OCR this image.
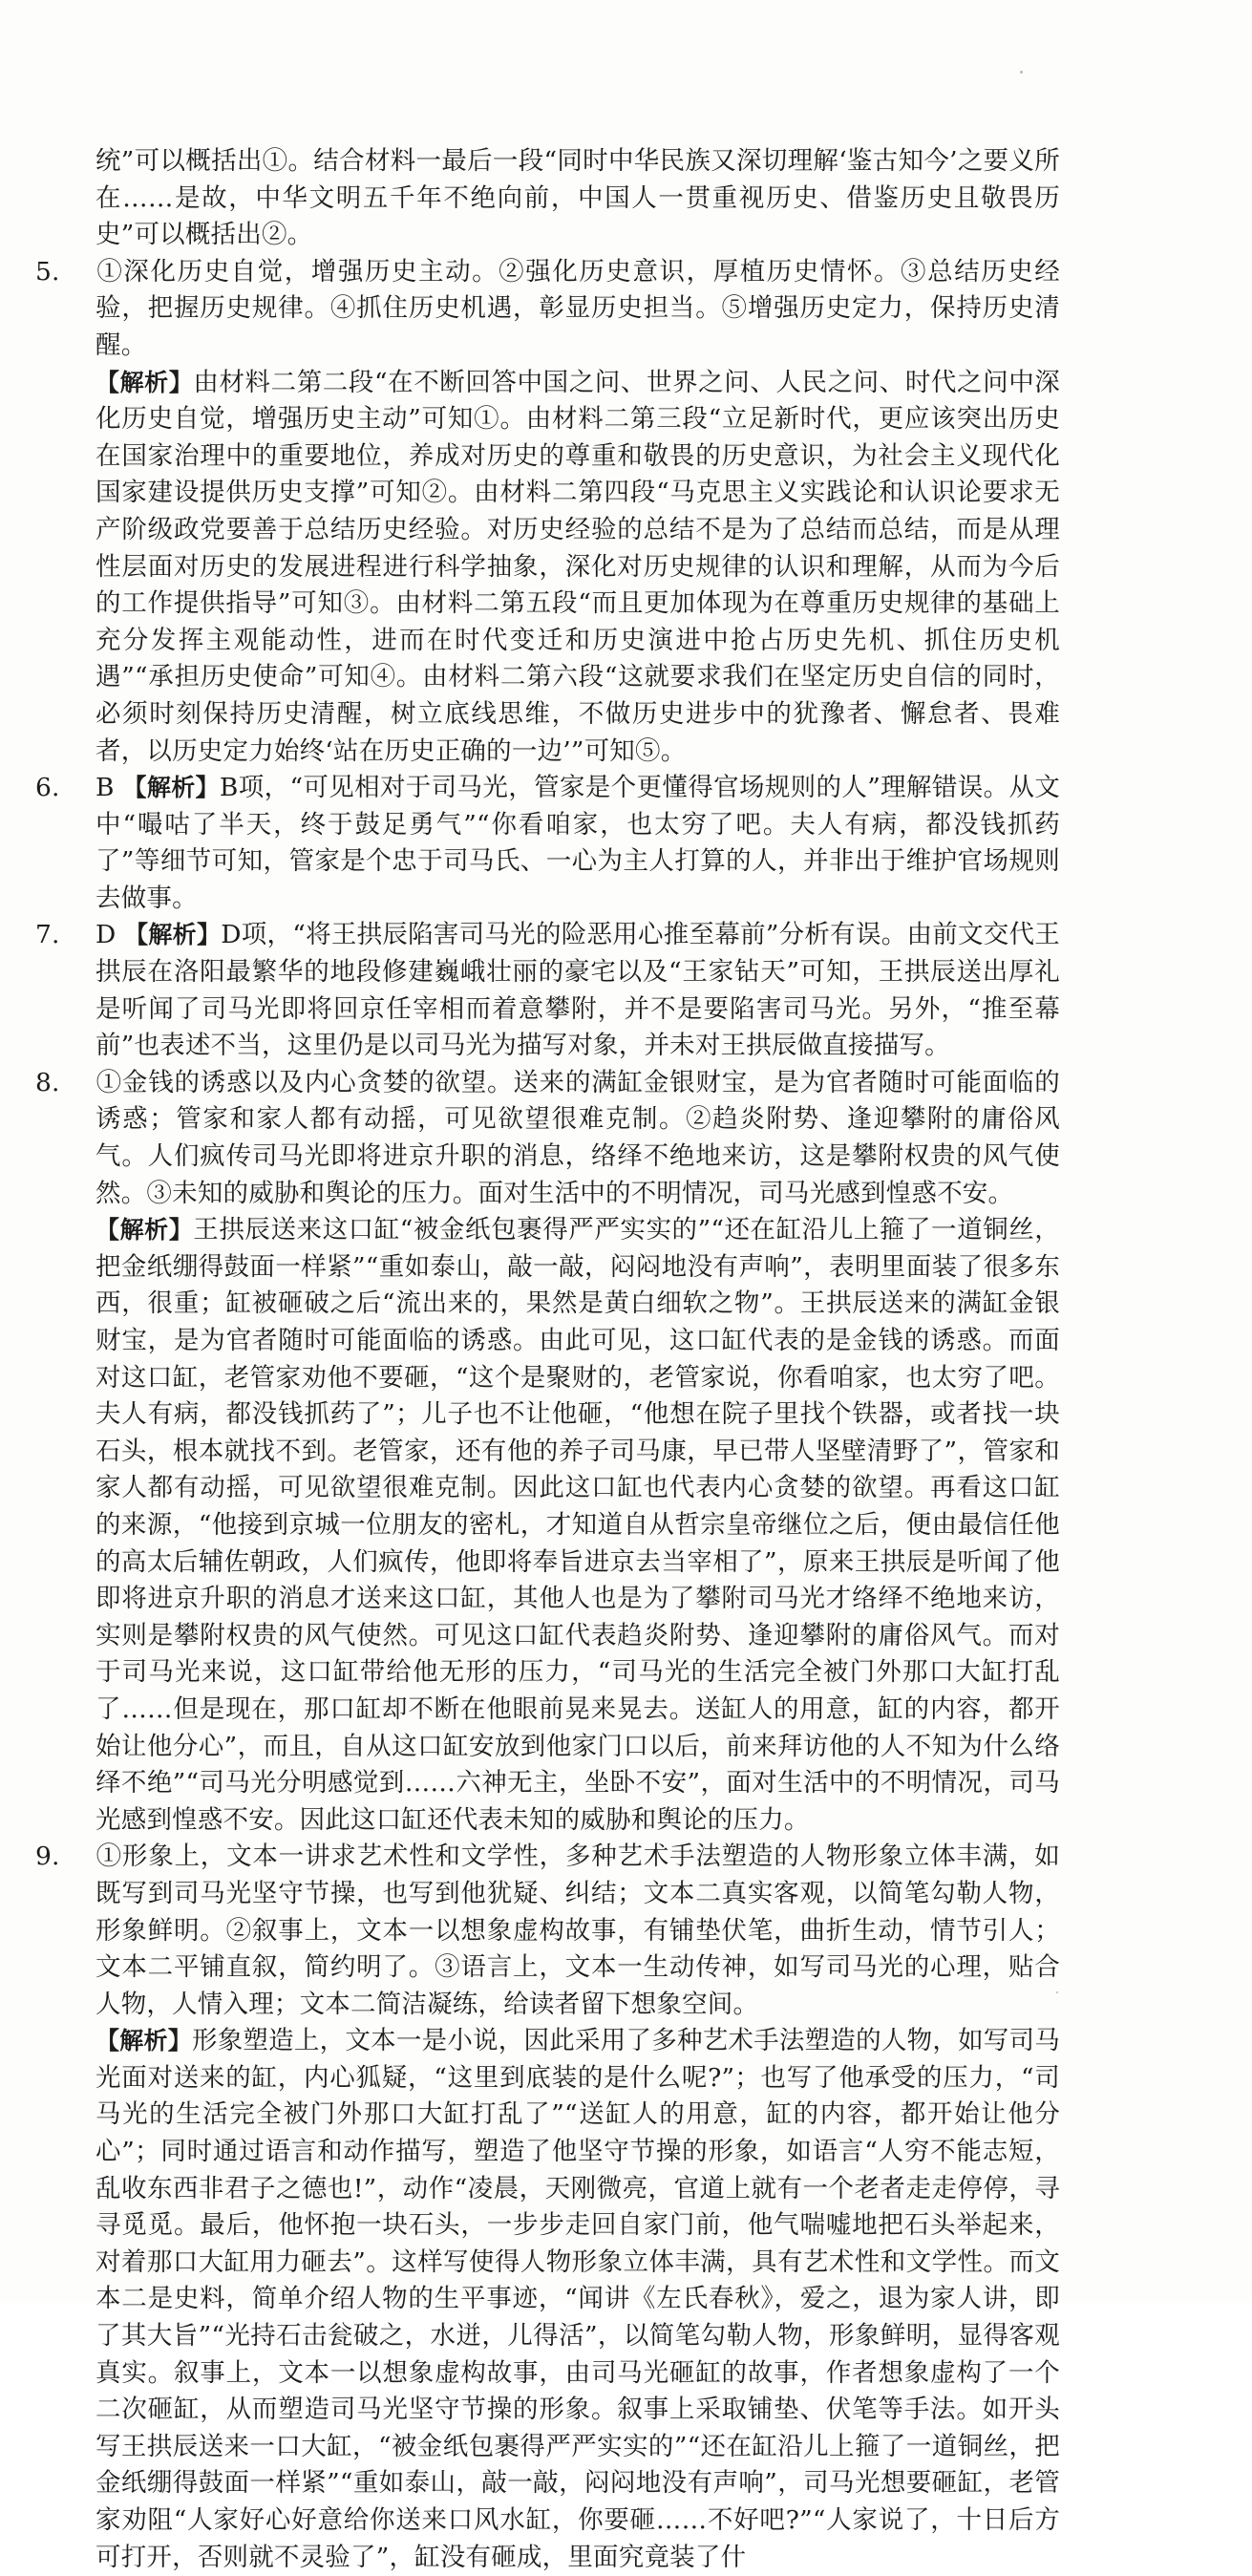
统”可以概括出①。结合材料一最后一段“同时中华民族又深切理解‘鉴古知今’之要义所在……是故，中华文明五千年不绝向前，中国人一贯重视历史、借鉴历史且敬畏历史”可以概括出②。

5. ①深化历史自觉，增强历史主动。②强化历史意识，厚植历史情怀。③总结历史经验，把握历史规律。④抓住历史机遇，彰显历史担当。⑤增强历史定力，保持历史清醒。

【解析】由材料二第二段“在不断回答中国之问、世界之问、人民之问、时代之问中深化历史自觉，增强历史主动”可知①。由材料二第三段“立足新时代，更应该突出历史在国家治理中的重要地位，养成对历史的尊重和敬畏的历史意识，为社会主义现代化国家建设提供历史支撑”可知②。由材料二第四段“马克思主义实践论和认识论要求无产阶级政党要善于总结历史经验。对历史经验的总结不是为了总结而总结，而是从理性层面对历史的发展进程进行科学抽象，深化对历史规律的认识和理解，从而为今后的工作提供指导”可知③。由材料二第五段“而且更加体现为在尊重历史规律的基础上充分发挥主观能动性，进而在时代变迁和历史演进中抢占历史先机、抓住历史机遇”“承担历史使命”可知④。由材料二第六段“这就要求我们在坚定历史自信的同时，必须时刻保持历史清醒，树立底线思维，不做历史进步中的犹豫者、懈怠者、畏难者，以历史定力始终‘站在历史正确的一边’”可知⑤。

6. B 【解析】B项，“可见相对于司马光，管家是个更懂得官场规则的人”理解错误。从文中“嘬咕了半天，终于鼓足勇气”“你看咱家，也太穷了吧。夫人有病，都没钱抓药了”等细节可知，管家是个忠于司马氏、一心为主人打算的人，并非出于维护官场规则去做事。

7. D 【解析】D项，“将王拱辰陷害司马光的险恶用心推至幕前”分析有误。由前文交代王拱辰在洛阳最繁华的地段修建巍峨壮丽的豪宅以及“王家钻天”可知，王拱辰送出厚礼是听闻了司马光即将回京任宰相而着意攀附，并不是要陷害司马光。另外，“推至幕前”也表述不当，这里仍是以司马光为描写对象，并未对王拱辰做直接描写。

8. ①金钱的诱惑以及内心贪婪的欲望。送来的满缸金银财宝，是为官者随时可能面临的诱惑；管家和家人都有动摇，可见欲望很难克制。②趋炎附势、逢迎攀附的庸俗风气。人们疯传司马光即将进京升职的消息，络绎不绝地来访，这是攀附权贵的风气使然。③未知的威胁和舆论的压力。面对生活中的不明情况，司马光感到惶惑不安。

【解析】王拱辰送来这口缸“被金纸包裹得严严实实的”“还在缸沿儿上箍了一道铜丝，把金纸绷得鼓面一样紧”“重如泰山，敲一敲，闷闷地没有声响”，表明里面装了很多东西，很重；缸被砸破之后“流出来的，果然是黄白细软之物”。王拱辰送来的满缸金银财宝，是为官者随时可能面临的诱惑。由此可见，这口缸代表的是金钱的诱惑。而面对这口缸，老管家劝他不要砸，“这个是聚财的，老管家说，你看咱家，也太穷了吧。夫人有病，都没钱抓药了”；儿子也不让他砸，“他想在院子里找个铁器，或者找一块石头，根本就找不到。老管家，还有他的养子司马康，早已带人坚壁清野了”，管家和家人都有动摇，可见欲望很难克制。因此这口缸也代表内心贪婪的欲望。再看这口缸的来源，“他接到京城一位朋友的密札，才知道自从哲宗皇帝继位之后，便由最信任他的高太后辅佐朝政，人们疯传，他即将奉旨进京去当宰相了”，原来王拱辰是听闻了他即将进京升职的消息才送来这口缸，其他人也是为了攀附司马光才络绎不绝地来访，实则是攀附权贵的风气使然。可见这口缸代表趋炎附势、逢迎攀附的庸俗风气。而对于司马光来说，这口缸带给他无形的压力，“司马光的生活完全被门外那口大缸打乱了……但是现在，那口缸却不断在他眼前晃来晃去。送缸人的用意，缸的内容，都开始让他分心”，而且，自从这口缸安放到他家门口以后，前来拜访他的人不知为什么络绎不绝”“司马光分明感觉到……六神无主，坐卧不安”，面对生活中的不明情况，司马光感到惶惑不安。因此这口缸还代表未知的威胁和舆论的压力。

9. ①形象上，文本一讲求艺术性和文学性，多种艺术手法塑造的人物形象立体丰满，如既写到司马光坚守节操，也写到他犹疑、纠结；文本二真实客观，以简笔勾勒人物，形象鲜明。②叙事上，文本一以想象虚构故事，有铺垫伏笔，曲折生动，情节引人；文本二平铺直叙，简约明了。③语言上，文本一生动传神，如写司马光的心理，贴合人物，人情入理；文本二简洁凝练，给读者留下想象空间。

【解析】形象塑造上，文本一是小说，因此采用了多种艺术手法塑造的人物，如写司马光面对送来的缸，内心狐疑，“这里到底装的是什么呢?”；也写了他承受的压力，“司马光的生活完全被门外那口大缸打乱了”“送缸人的用意，缸的内容，都开始让他分心”；同时通过语言和动作描写，塑造了他坚守节操的形象，如语言“人穷不能志短，乱收东西非君子之德也!”，动作“凌晨，天刚微亮，官道上就有一个老者走走停停，寻寻觅觅。最后，他怀抱一块石头，一步步走回自家门前，他气喘嘘地把石头举起来，对着那口大缸用力砸去”。这样写使得人物形象立体丰满，具有艺术性和文学性。而文本二是史料，简单介绍人物的生平事迹，“闻讲《左氏春秋》，爱之，退为家人讲，即了其大旨”“光持石击瓮破之，水迸，儿得活”，以简笔勾勒人物，形象鲜明，显得客观真实。叙事上，文本一以想象虚构故事，由司马光砸缸的故事，作者想象虚构了一个二次砸缸，从而塑造司马光坚守节操的形象。叙事上采取铺垫、伏笔等手法。如开头写王拱辰送来一口大缸，“被金纸包裹得严严实实的”“还在缸沿儿上箍了一道铜丝，把金纸绷得鼓面一样紧”“重如泰山，敲一敲，闷闷地没有声响”，司马光想要砸缸，老管家劝阻“人家好心好意给你送来口风水缸，你要砸……不好吧?”“人家说了，十日后方可打开，否则就不灵验了”，缸没有砸成，里面究竟装了什
